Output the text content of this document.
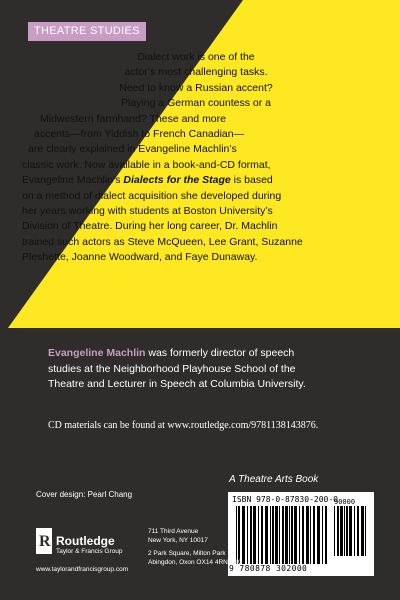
THEATRE STUDIES
Dialect work is one of the
actor’s most challenging tasks.
Need to know a Russian accent?
Playing a German countess or a
Midwestern farmhand? These and more
accents—from Yiddish to French Canadian—
are clearly explained in Evangeline Machlin’s
classic work. Now available in a book-and-CD format,
Evangeline Machlin’s Dialects for the Stage is based
on a method of dialect acquisition she developed during
her years working with students at Boston University’s
Division of Theatre. During her long career, Dr. Machlin
trained such actors as Steve McQueen, Lee Grant, Suzanne
Pleshette, Joanne Woodward, and Faye Dunaway.
Evangeline Machlin was formerly director of speech
studies at the Neighborhood Playhouse School of the
Theatre and Lecturer in Speech at Columbia University.
CD materials can be found at www.routledge.com/9781138143876.
A Theatre Arts Book
Cover design: Pearl Chang
ISBN 978-0-87830-200-0
90000
9 780878 302000
R Routledge
Taylor & Francis Group
www.taylorandfrancisgroup.com
711 Third Avenue
New York, NY 10017
2 Park Square, Milton Park
Abingdon, Oxon OX14 4RN, UK
